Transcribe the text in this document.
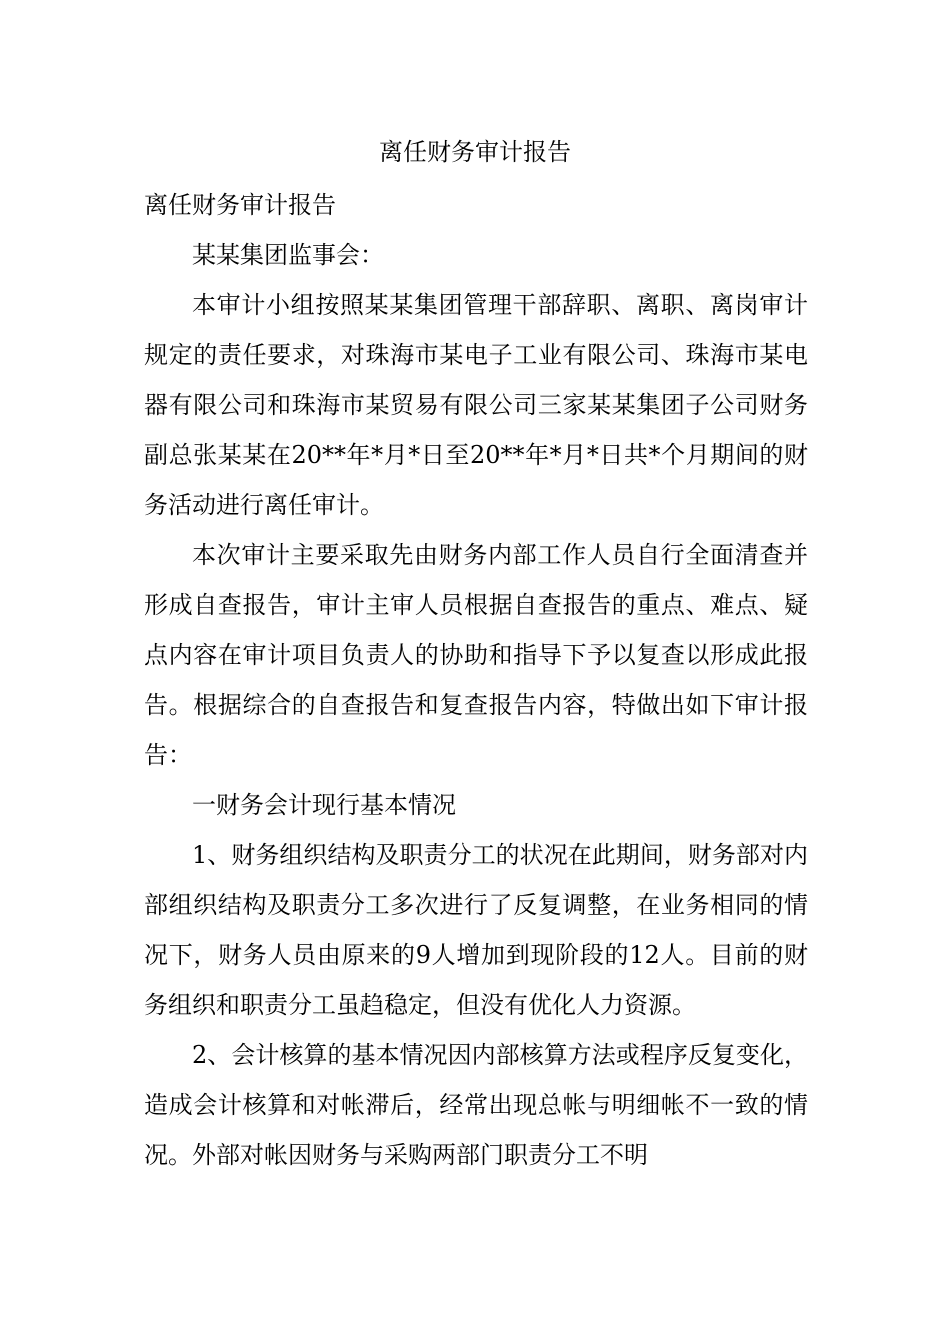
离任财务审计报告

离任财务审计报告

某某集团监事会：

本审计小组按照某某集团管理干部辞职、离职、离岗审计规定的责任要求，对珠海市某电子工业有限公司、珠海市某电器有限公司和珠海市某贸易有限公司三家某某集团子公司财务副总张某某在20**年*月*日至20**年*月*日共*个月期间的财务活动进行离任审计。

本次审计主要采取先由财务内部工作人员自行全面清查并形成自查报告，审计主审人员根据自查报告的重点、难点、疑点内容在审计项目负责人的协助和指导下予以复查以形成此报告。根据综合的自查报告和复查报告内容，特做出如下审计报告：

一财务会计现行基本情况

1、财务组织结构及职责分工的状况在此期间，财务部对内部组织结构及职责分工多次进行了反复调整，在业务相同的情况下，财务人员由原来的9人增加到现阶段的12人。目前的财务组织和职责分工虽趋稳定，但没有优化人力资源。

2、会计核算的基本情况因内部核算方法或程序反复变化，造成会计核算和对帐滞后，经常出现总帐与明细帐不一致的情况。外部对帐因财务与采购两部门职责分工不明
